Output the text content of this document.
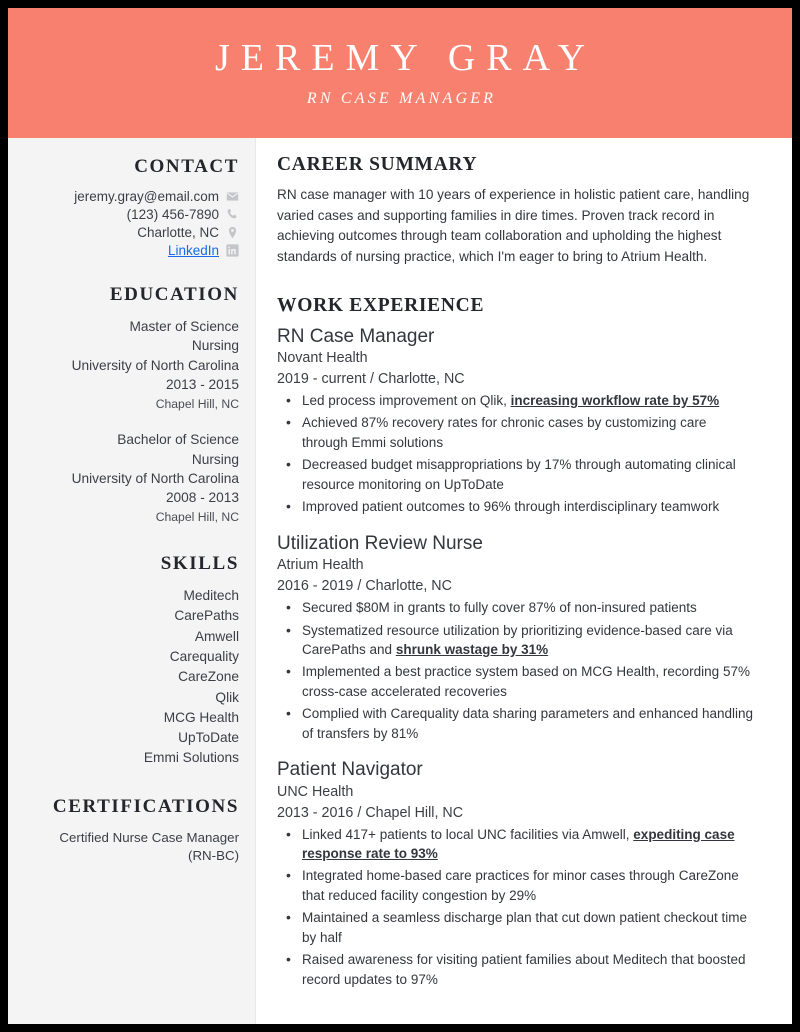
JEREMY GRAY
RN CASE MANAGER
CONTACT
jeremy.gray@email.com
(123) 456-7890
Charlotte, NC
LinkedIn
EDUCATION
Master of Science
Nursing
University of North Carolina
2013 - 2015
Chapel Hill, NC
Bachelor of Science
Nursing
University of North Carolina
2008 - 2013
Chapel Hill, NC
SKILLS
Meditech
CarePaths
Amwell
Carequality
CareZone
Qlik
MCG Health
UpToDate
Emmi Solutions
CERTIFICATIONS
Certified Nurse Case Manager
(RN-BC)
CAREER SUMMARY
RN case manager with 10 years of experience in holistic patient care, handling varied cases and supporting families in dire times. Proven track record in achieving outcomes through team collaboration and upholding the highest standards of nursing practice, which I'm eager to bring to Atrium Health.
WORK EXPERIENCE
RN Case Manager
Novant Health
2019 - current / Charlotte, NC
• Led process improvement on Qlik, increasing workflow rate by 57%
• Achieved 87% recovery rates for chronic cases by customizing care through Emmi solutions
• Decreased budget misappropriations by 17% through automating clinical resource monitoring on UpToDate
• Improved patient outcomes to 96% through interdisciplinary teamwork
Utilization Review Nurse
Atrium Health
2016 - 2019 / Charlotte, NC
• Secured $80M in grants to fully cover 87% of non-insured patients
• Systematized resource utilization by prioritizing evidence-based care via CarePaths and shrunk wastage by 31%
• Implemented a best practice system based on MCG Health, recording 57% cross-case accelerated recoveries
• Complied with Carequality data sharing parameters and enhanced handling of transfers by 81%
Patient Navigator
UNC Health
2013 - 2016 / Chapel Hill, NC
• Linked 417+ patients to local UNC facilities via Amwell, expediting case response rate to 93%
• Integrated home-based care practices for minor cases through CareZone that reduced facility congestion by 29%
• Maintained a seamless discharge plan that cut down patient checkout time by half
• Raised awareness for visiting patient families about Meditech that boosted record updates to 97%
